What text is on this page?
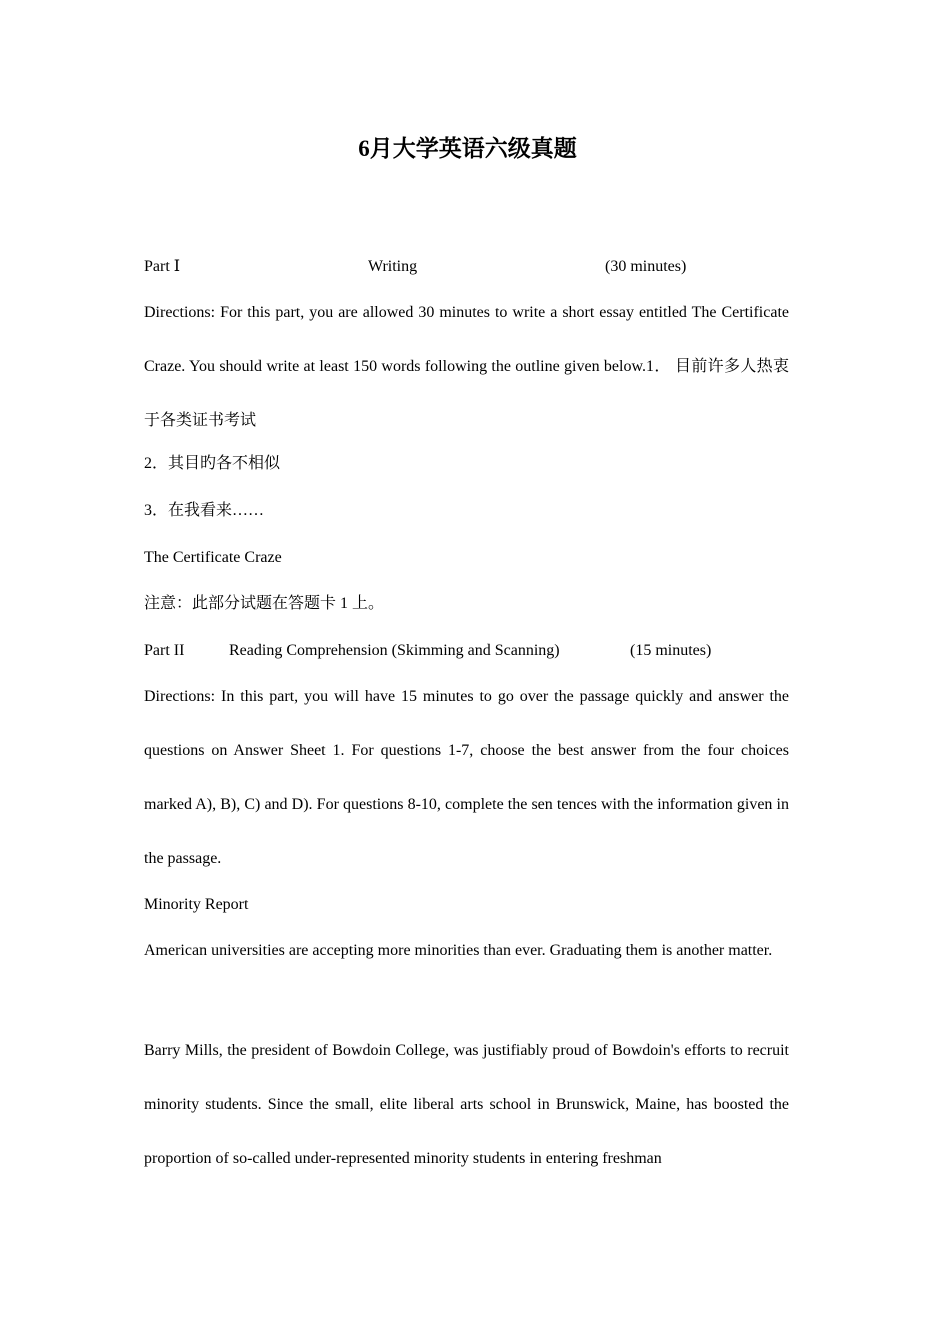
6月大学英语六级真题
Part Ⅰ	Writing	(30 minutes)
Directions: For this part, you are allowed 30 minutes to write a short essay entitled The Certificate Craze. You should write at least 150 words following the outline given below.1． 目前许多人热衷于各类证书考试
2．其目旳各不相似
3．在我看来……
The Certificate Craze
注意：此部分试题在答题卡 1 上。
Part II	Reading Comprehension (Skimming and Scanning)	(15 minutes)
Directions: In this part, you will have 15 minutes to go over the passage quickly and answer the questions on Answer Sheet 1. For questions 1-7, choose the best answer from the four choices marked A), B), C) and D). For questions 8-10, complete the sen tences with the information given in the passage.
Minority Report
American universities are accepting more minorities than ever. Graduating them is another matter.
Barry Mills, the president of Bowdoin College, was justifiably proud of Bowdoin's efforts to recruit minority students. Since the small, elite liberal arts school in Brunswick, Maine, has boosted the proportion of so-called under-represented minority students in entering freshman
